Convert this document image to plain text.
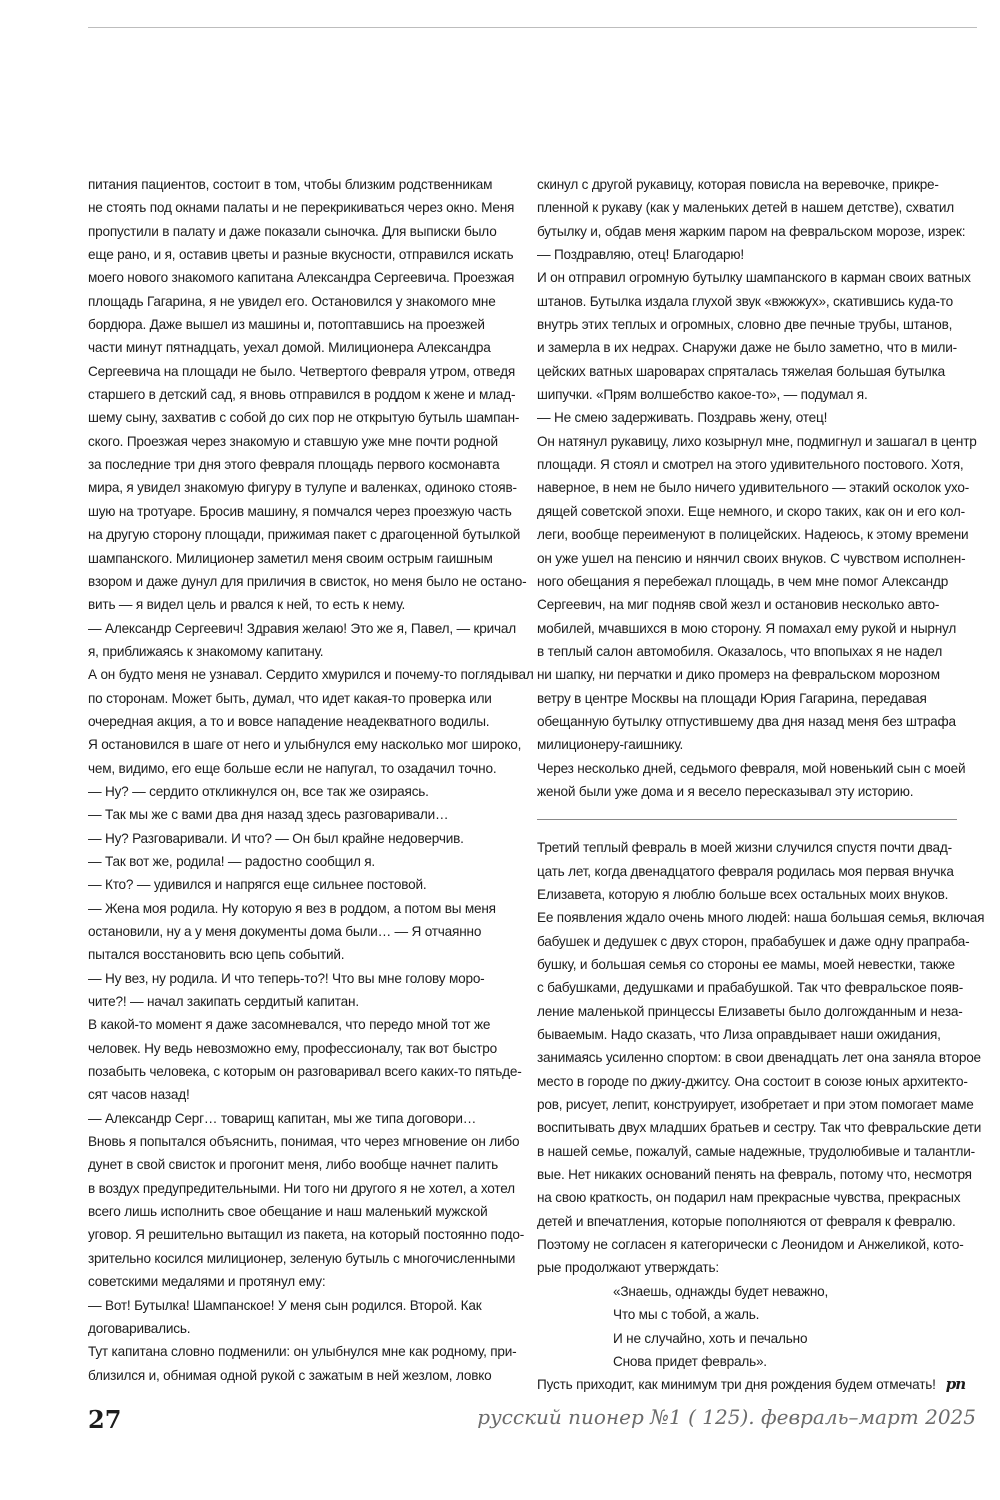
питания пациентов, состоит в том, чтобы близким родственникам
не стоять под окнами палаты и не перекрикиваться через окно. Меня
пропустили в палату и даже показали сыночка. Для выписки было
еще рано, и я, оставив цветы и разные вкусности, отправился искать
моего нового знакомого капитана Александра Сергеевича. Проезжая
площадь Гагарина, я не увидел его. Остановился у знакомого мне
бордюра. Даже вышел из машины и, потоптавшись на проезжей
части минут пятнадцать, уехал домой. Милиционера Александра
Сергеевича на площади не было. Четвертого февраля утром, отведя
старшего в детский сад, я вновь отправился в роддом к жене и млад-
шему сыну, захватив с собой до сих пор не открытую бутыль шампан-
ского. Проезжая через знакомую и ставшую уже мне почти родной
за последние три дня этого февраля площадь первого космонавта
мира, я увидел знакомую фигуру в тулупе и валенках, одиноко стояв-
шую на тротуаре. Бросив машину, я помчался через проезжую часть
на другую сторону площади, прижимая пакет с драгоценной бутылкой
шампанского. Милиционер заметил меня своим острым гаишным
взором и даже дунул для приличия в свисток, но меня было не останo-
вить — я видел цель и рвался к ней, то есть к нему.
— Александр Сергеевич! Здравия желаю! Это же я, Павел, — кричал
я, приближаясь к знакомому капитану.
А он будто меня не узнавал. Сердито хмурился и почему-то поглядывал
по сторонам. Может быть, думал, что идет какая-то проверка или
очередная акция, а то и вовсе нападение неадекватного водилы.
Я остановился в шаге от него и улыбнулся ему насколько мог широко,
чем, видимо, его еще больше если не напугал, то озадачил точно.
— Ну? — сердито откликнулся он, все так же озираясь.
— Так мы же с вами два дня назад здесь разговаривали…
— Ну? Разговаривали. И что? — Он был крайне недоверчив.
— Так вот же, родила! — радостно сообщил я.
— Кто? — удивился и напрягся еще сильнее постовой.
— Жена моя родила. Ну которую я вез в роддом, а потом вы меня
остановили, ну а у меня документы дома были… — Я отчаянно
пытался восстановить всю цепь событий.
— Ну вез, ну родила. И что теперь-то?! Что вы мне голову моро-
чите?! — начал закипать сердитый капитан.
В какой-то момент я даже засомневался, что передо мной тот же
человек. Ну ведь невозможно ему, профессионалу, так вот быстро
позабыть человека, с которым он разговаривал всего каких-то пятьде-
сят часов назад!
— Александр Серг… товарищ капитан, мы же типа договори…
Вновь я попытался объяснить, понимая, что через мгновение он либо
дунет в свой свисток и прогонит меня, либо вообще начнет палить
в воздух предупредительными. Ни того ни другого я не хотел, а хотел
всего лишь исполнить свое обещание и наш маленький мужской
уговор. Я решительно вытащил из пакета, на который постоянно подо-
зрительно косился милиционер, зеленую бутыль с многочисленными
советскими медалями и протянул ему:
— Вот! Бутылка! Шампанское! У меня сын родился. Второй. Как
договаривались.
Тут капитана словно подменили: он улыбнулся мне как родному, при-
близился и, обнимая одной рукой с зажатым в ней жезлом, ловко
скинул с другой рукавицу, которая повисла на веревочке, прикре-
пленной к рукаву (как у маленьких детей в нашем детстве), схватил
бутылку и, обдав меня жарким паром на февральском морозе, изрек:
— Поздравляю, отец! Благодарю!
И он отправил огромную бутылку шампанского в карман своих ватных
штанов. Бутылка издала глухой звук «вжжжух», скатившись куда-то
внутрь этих теплых и огромных, словно две печные трубы, штанов,
и замерла в их недрах. Снаружи даже не было заметно, что в мили-
цейских ватных шароварах спряталась тяжелая большая бутылка
шипучки. «Прям волшебство какое-то», — подумал я.
— Не смею задерживать. Поздравь жену, отец!
Он натянул рукавицу, лихо козырнул мне, подмигнул и зашагал в центр
площади. Я стоял и смотрел на этого удивительного постового. Хотя,
наверное, в нем не было ничего удивительного — этакий осколок ухо-
дящей советской эпохи. Еще немного, и скоро таких, как он и его кол-
леги, вообще переименуют в полицейских. Надеюсь, к этому времени
он уже ушел на пенсию и нянчил своих внуков. С чувством исполнен-
ного обещания я перебежал площадь, в чем мне помог Александр
Сергеевич, на миг подняв свой жезл и остановив несколько авто-
мобилей, мчавшихся в мою сторону. Я помахал ему рукой и нырнул
в теплый салон автомобиля. Оказалось, что впопыхах я не надел
ни шапку, ни перчатки и дико промерз на февральском морозном
ветру в центре Москвы на площади Юрия Гагарина, передавая
обещанную бутылку отпустившему два дня назад меня без штрафа
милиционеру-гаишнику.
Через несколько дней, седьмого февраля, мой новенький сын с моей
женой были уже дома и я весело пересказывал эту историю.
Третий теплый февраль в моей жизни случился спустя почти двад-
цать лет, когда двенадцатого февраля родилась моя первая внучка
Елизавета, которую я люблю больше всех остальных моих внуков.
Ее появления ждало очень много людей: наша большая семья, включая
бабушек и дедушек с двух сторон, прабабушек и даже одну прапраба-
бушку, и большая семья со стороны ее мамы, моей невестки, также
с бабушками, дедушками и прабабушкой. Так что февральское появ-
ление маленькой принцессы Елизаветы было долгожданным и неза-
бываемым. Надо сказать, что Лиза оправдывает наши ожидания,
занимаясь усиленно спортом: в свои двенадцать лет она заняла второе
место в городе по джиу-джитсу. Она состоит в союзе юных архитекто-
ров, рисует, лепит, конструирует, изобретает и при этом помогает маме
воспитывать двух младших братьев и сестру. Так что февральские дети
в нашей семье, пожалуй, самые надежные, трудолюбивые и талантли-
вые. Нет никаких оснований пенять на февраль, потому что, несмотря
на свою краткость, он подарил нам прекрасные чувства, прекрасных
детей и впечатления, которые пополняются от февраля к февралю.
Поэтому не согласен я категорически с Леонидом и Анжеликой, кото-
рые продолжают утверждать:
«Знаешь, однажды будет неважно,
Что мы с тобой, а жаль.
И не случайно, хоть и печально
Снова придет февраль».
Пусть приходит, как минимум три дня рождения будем отмечать! рп
27	русский пионер №1 ( 125). февраль–март 2025
